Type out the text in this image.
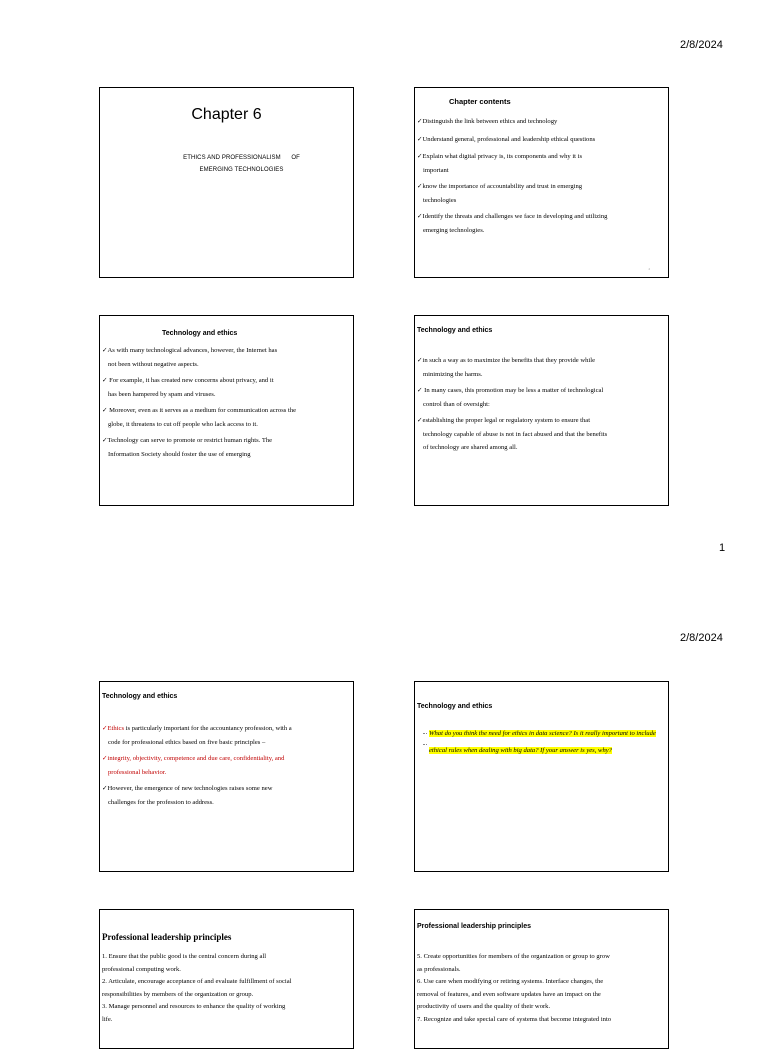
2/8/2024
Chapter 6
ETHICS AND PROFESSIONALISM      OF
EMERGING TECHNOLOGIES
Chapter contents
✓Distinguish the link between ethics and technology
✓Understand general, professional and leadership ethical questions
✓Explain what digital privacy is, its components and why it is
important
✓know the importance of accountability and trust in emerging
technologies
✓Identify the threats and challenges we face in developing and utilizing
emerging technologies.
2
Technology and ethics
✓As with many technological advances, however, the Internet has
not been without negative aspects.
✓ For example, it has created new concerns about privacy, and it
has been hampered by spam and viruses.
✓ Moreover, even as it serves as a medium for communication across the
globe, it threatens to cut off people who lack access to it.
✓Technology can serve to promote or restrict human rights. The
Information Society should foster the use of emerging
Technology and ethics
✓in such a way as to maximize the benefits that they provide while
minimizing the harms.
✓ In many cases, this promotion may be less a matter of technological
control than of oversight:
✓establishing the proper legal or regulatory system to ensure that
technology capable of abuse is not in fact abused and that the benefits
of technology are shared among all.
1
2/8/2024
Technology and ethics
✓Ethics is particularly important for the accountancy profession, with a
code for professional ethics based on five basic principles –
✓integrity, objectivity, competence and due care, confidentiality, and
professional behavior.
✓However, the emergence of new technologies raises some new
challenges for the profession to address.
Technology and ethics
What do you think the need for ethics in data science? Is it really important to include
ethical rules when dealing with big data? If your answer is yes, why?
Professional leadership principles
1. Ensure that the public good is the central concern during all
professional computing work.
2. Articulate, encourage acceptance of and evaluate fulfillment of social
responsibilities by members of the organization or group.
3. Manage personnel and resources to enhance the quality of working
life.
Professional leadership principles
5. Create opportunities for members of the organization or group to grow
as professionals.
6. Use care when modifying or retiring systems. Interface changes, the
removal of features, and even software updates have an impact on the
productivity of users and the quality of their work.
7. Recognize and take special care of systems that become integrated into
